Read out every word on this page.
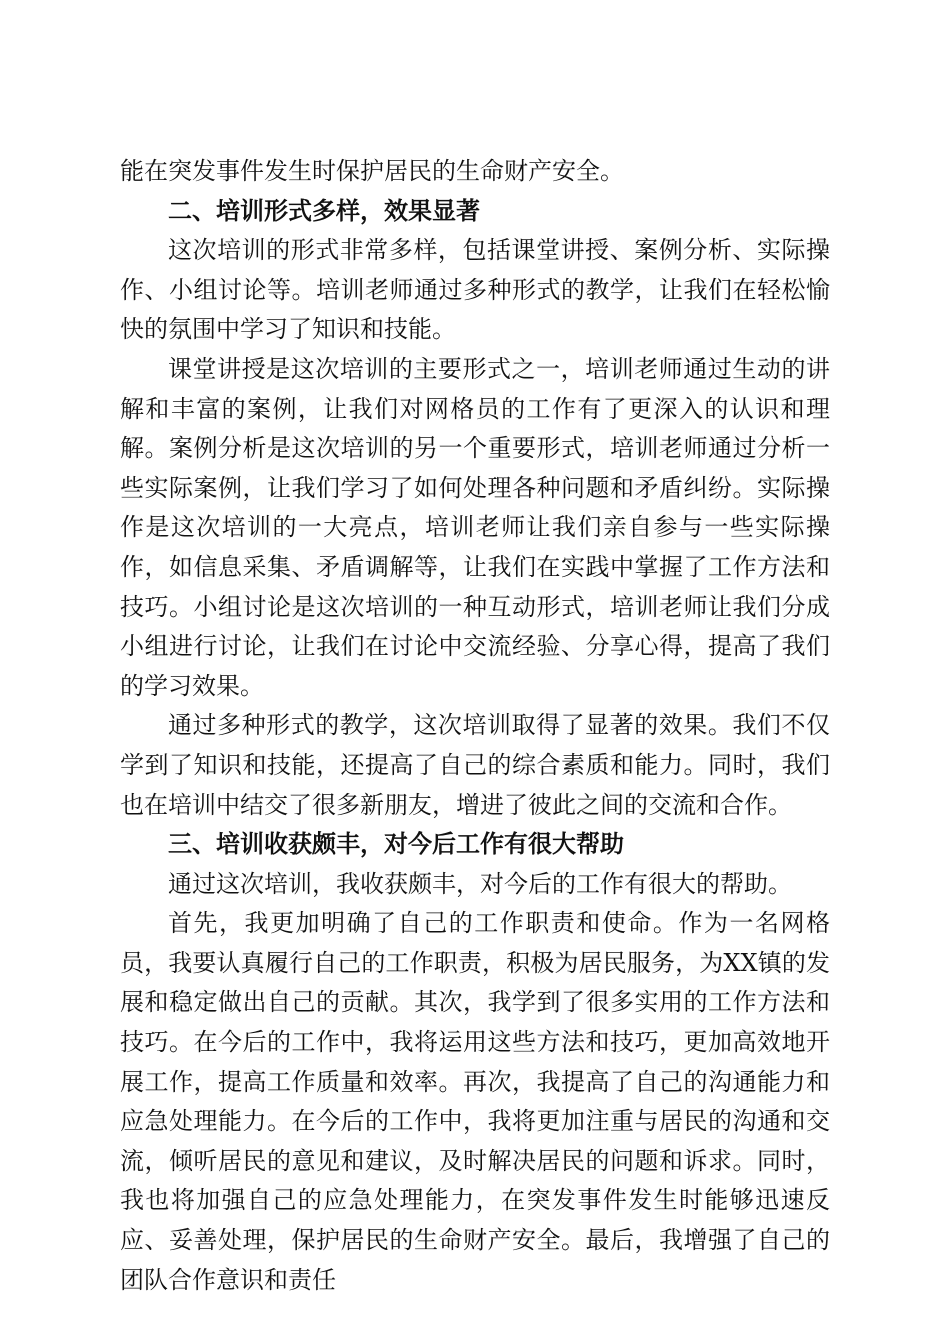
能在突发事件发生时保护居民的生命财产安全。

二、培训形式多样，效果显著

这次培训的形式非常多样，包括课堂讲授、案例分析、实际操作、小组讨论等。培训老师通过多种形式的教学，让我们在轻松愉快的氛围中学习了知识和技能。

课堂讲授是这次培训的主要形式之一，培训老师通过生动的讲解和丰富的案例，让我们对网格员的工作有了更深入的认识和理解。案例分析是这次培训的另一个重要形式，培训老师通过分析一些实际案例，让我们学习了如何处理各种问题和矛盾纠纷。实际操作是这次培训的一大亮点，培训老师让我们亲自参与一些实际操作，如信息采集、矛盾调解等，让我们在实践中掌握了工作方法和技巧。小组讨论是这次培训的一种互动形式，培训老师让我们分成小组进行讨论，让我们在讨论中交流经验、分享心得，提高了我们的学习效果。

通过多种形式的教学，这次培训取得了显著的效果。我们不仅学到了知识和技能，还提高了自己的综合素质和能力。同时，我们也在培训中结交了很多新朋友，增进了彼此之间的交流和合作。

三、培训收获颇丰，对今后工作有很大帮助

通过这次培训，我收获颇丰，对今后的工作有很大的帮助。

首先，我更加明确了自己的工作职责和使命。作为一名网格员，我要认真履行自己的工作职责，积极为居民服务，为XX镇的发展和稳定做出自己的贡献。其次，我学到了很多实用的工作方法和技巧。在今后的工作中，我将运用这些方法和技巧，更加高效地开展工作，提高工作质量和效率。再次，我提高了自己的沟通能力和应急处理能力。在今后的工作中，我将更加注重与居民的沟通和交流，倾听居民的意见和建议，及时解决居民的问题和诉求。同时，我也将加强自己的应急处理能力，在突发事件发生时能够迅速反应、妥善处理，保护居民的生命财产安全。最后，我增强了自己的团队合作意识和责任
